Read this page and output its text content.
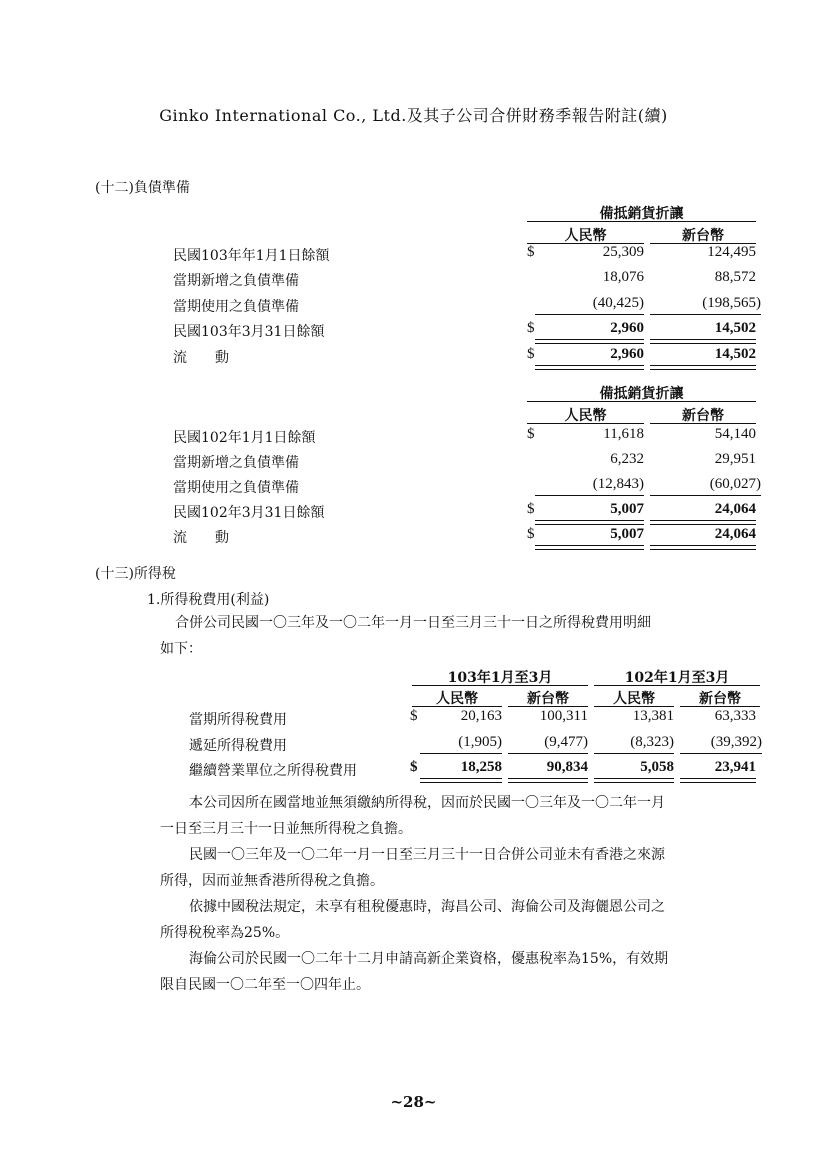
Ginko International Co., Ltd.及其子公司合併財務季報告附註(續)
(十二)負債準備
備抵銷貨折讓
人民幣	新台幣
民國103年年1月1日餘額	$	25,309	124,495
當期新增之負債準備	18,076	88,572
當期使用之負債準備	(40,425)	(198,565)
民國103年3月31日餘額	$	2,960	14,502
流　　動	$	2,960	14,502
備抵銷貨折讓
人民幣	新台幣
民國102年1月1日餘額	$	11,618	54,140
當期新增之負債準備	6,232	29,951
當期使用之負債準備	(12,843)	(60,027)
民國102年3月31日餘額	$	5,007	24,064
流　　動	$	5,007	24,064
(十三)所得稅
1.所得稅費用(利益)
合併公司民國一〇三年及一〇二年一月一日至三月三十一日之所得稅費用明細
如下：
103年1月至3月	102年1月至3月
人民幣	新台幣	人民幣	新台幣
當期所得稅費用	$	20,163	100,311	13,381	63,333
遞延所得稅費用	(1,905)	(9,477)	(8,323)	(39,392)
繼續營業單位之所得稅費用	$	18,258	90,834	5,058	23,941
本公司因所在國當地並無須繳納所得稅，因而於民國一〇三年及一〇二年一月
一日至三月三十一日並無所得稅之負擔。
民國一〇三年及一〇二年一月一日至三月三十一日合併公司並未有香港之來源
所得，因而並無香港所得稅之負擔。
依據中國稅法規定，未享有租稅優惠時，海昌公司、海倫公司及海儷恩公司之
所得稅稅率為25%。
海倫公司於民國一〇二年十二月申請高新企業資格，優惠稅率為15%，有效期
限自民國一〇二年至一〇四年止。
~28~
